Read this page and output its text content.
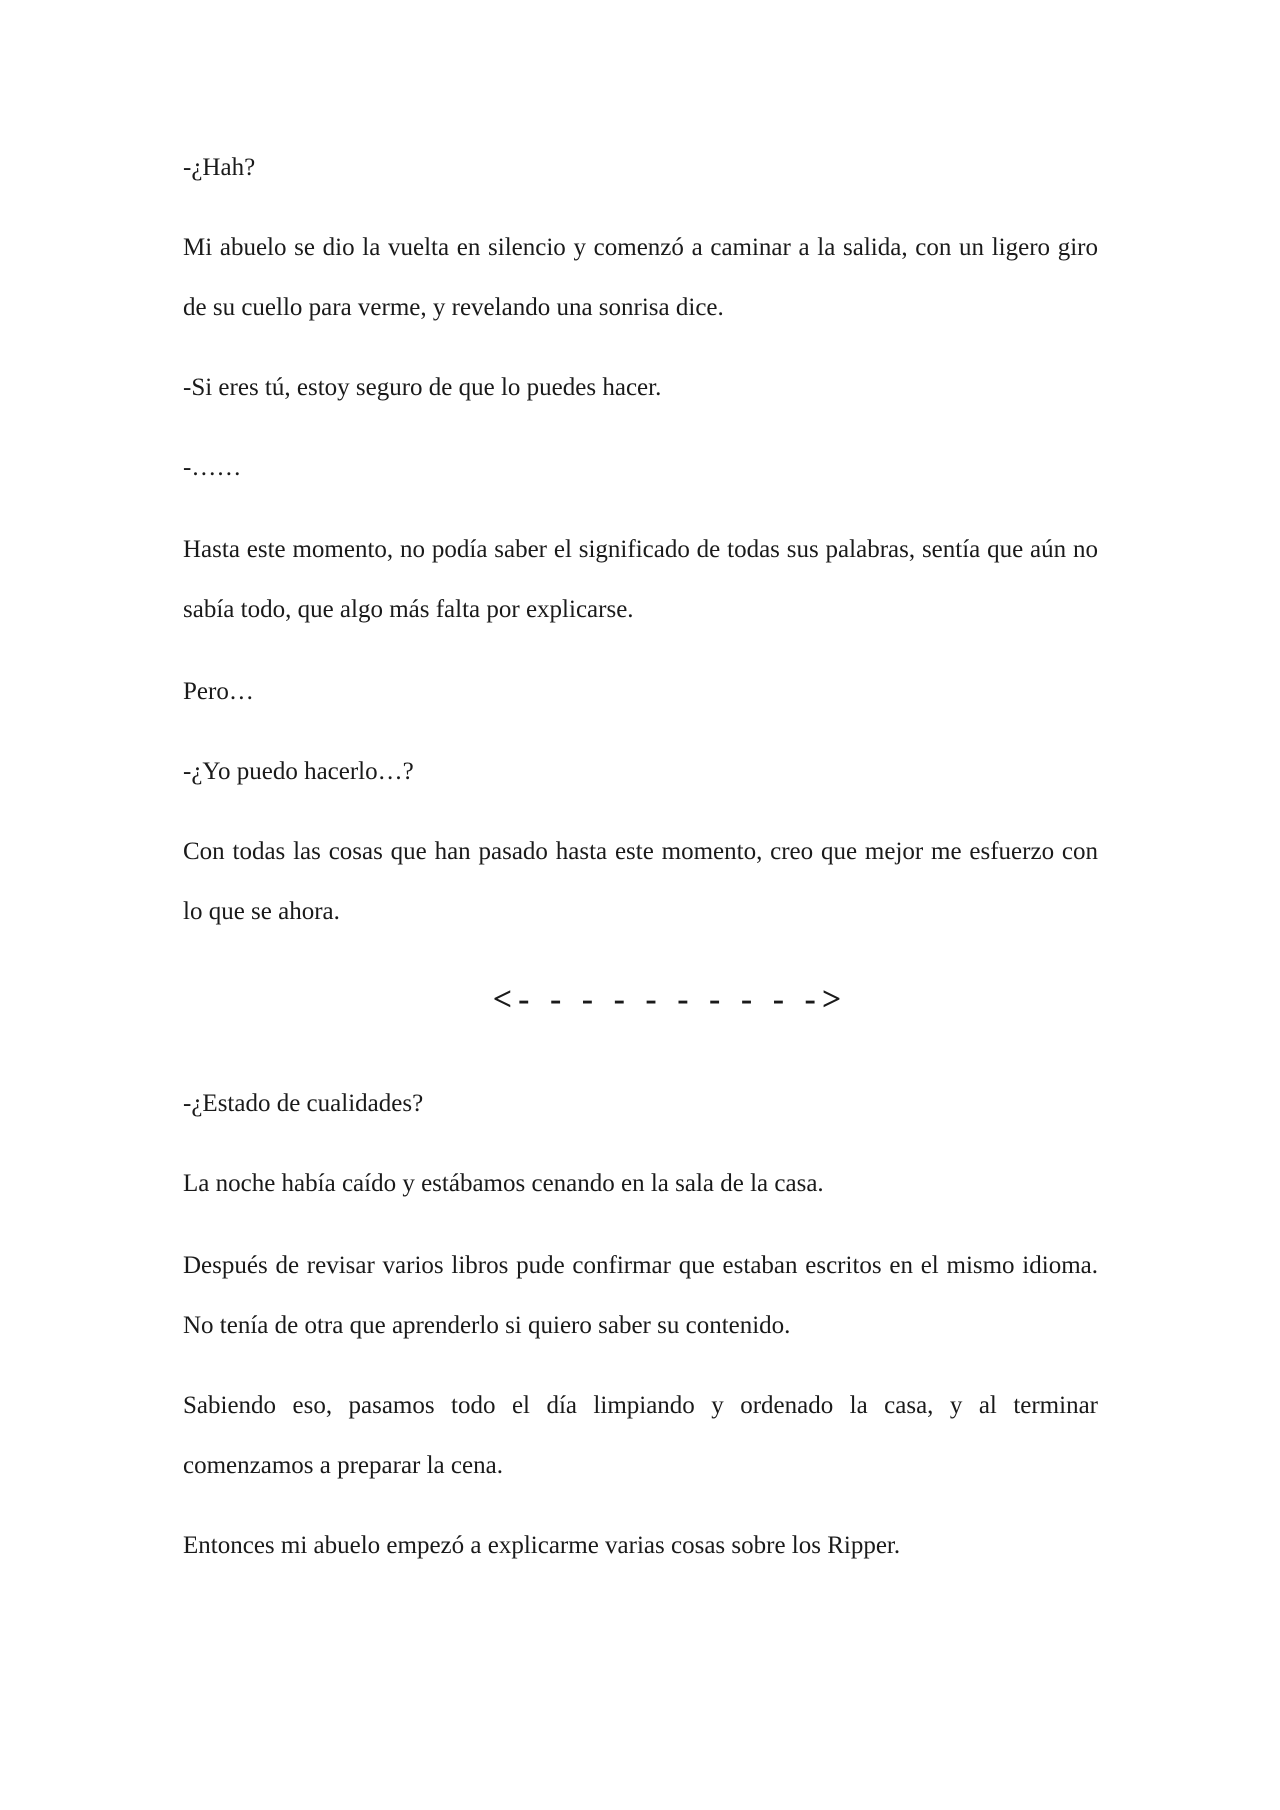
-¿Hah?

Mi abuelo se dio la vuelta en silencio y comenzó a caminar a la salida, con un ligero giro de su cuello para verme, y revelando una sonrisa dice.

-Si eres tú, estoy seguro de que lo puedes hacer.

-……

Hasta este momento, no podía saber el significado de todas sus palabras, sentía que aún no sabía todo, que algo más falta por explicarse.

Pero…

-¿Yo puedo hacerlo…?

Con todas las cosas que han pasado hasta este momento, creo que mejor me esfuerzo con lo que se ahora.

<- - - - - - - - - ->

-¿Estado de cualidades?

La noche había caído y estábamos cenando en la sala de la casa.

Después de revisar varios libros pude confirmar que estaban escritos en el mismo idioma. No tenía de otra que aprenderlo si quiero saber su contenido.

Sabiendo eso, pasamos todo el día limpiando y ordenado la casa, y al terminar comenzamos a preparar la cena.

Entonces mi abuelo empezó a explicarme varias cosas sobre los Ripper.
